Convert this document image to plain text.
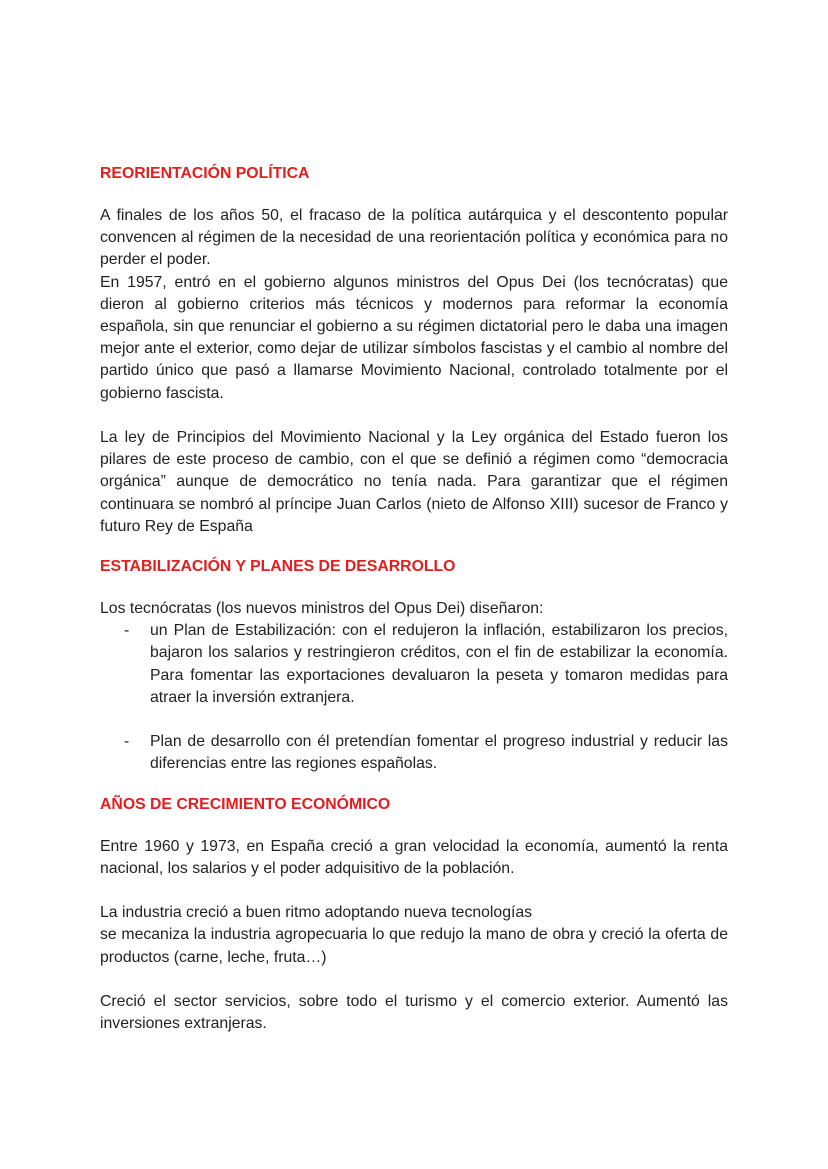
REORIENTACIÓN POLÍTICA

A finales de los años 50, el fracaso de la política autárquica y el descontento popular convencen al régimen de la necesidad de una reorientación política y económica para no perder el poder.

En 1957, entró en el gobierno algunos ministros del Opus Dei (los tecnócratas) que dieron al gobierno criterios más técnicos y modernos para reformar la economía española, sin que renunciar el gobierno a su régimen dictatorial pero le daba una imagen mejor ante el exterior, como dejar de utilizar símbolos fascistas y el cambio al nombre del partido único que pasó a llamarse Movimiento Nacional, controlado totalmente por el gobierno fascista.

La ley de Principios del Movimiento Nacional y la Ley orgánica del Estado fueron los pilares de este proceso de cambio, con el que se definió a régimen como “democracia orgánica” aunque de democrático no tenía nada. Para garantizar que el régimen continuara se nombró al príncipe Juan Carlos (nieto de Alfonso XIII) sucesor de Franco y futuro Rey de España

ESTABILIZACIÓN Y PLANES DE DESARROLLO

Los tecnócratas (los nuevos ministros del Opus Dei) diseñaron:

- un Plan de Estabilización: con el redujeron la inflación, estabilizaron los precios, bajaron los salarios y restringieron créditos, con el fin de estabilizar la economía. Para fomentar las exportaciones devaluaron la peseta y tomaron medidas para atraer la inversión extranjera.
- Plan de desarrollo con él pretendían fomentar el progreso industrial y reducir las diferencias entre las regiones españolas.
AÑOS DE CRECIMIENTO ECONÓMICO

Entre 1960 y 1973, en España creció a gran velocidad la economía, aumentó la renta nacional, los salarios y el poder adquisitivo de la población.

La industria creció a buen ritmo adoptando nueva tecnologías

se mecaniza la industria agropecuaria lo que redujo la mano de obra y creció la oferta de productos (carne, leche, fruta…)

Creció el sector servicios, sobre todo el turismo y el comercio exterior. Aumentó las inversiones extranjeras.
